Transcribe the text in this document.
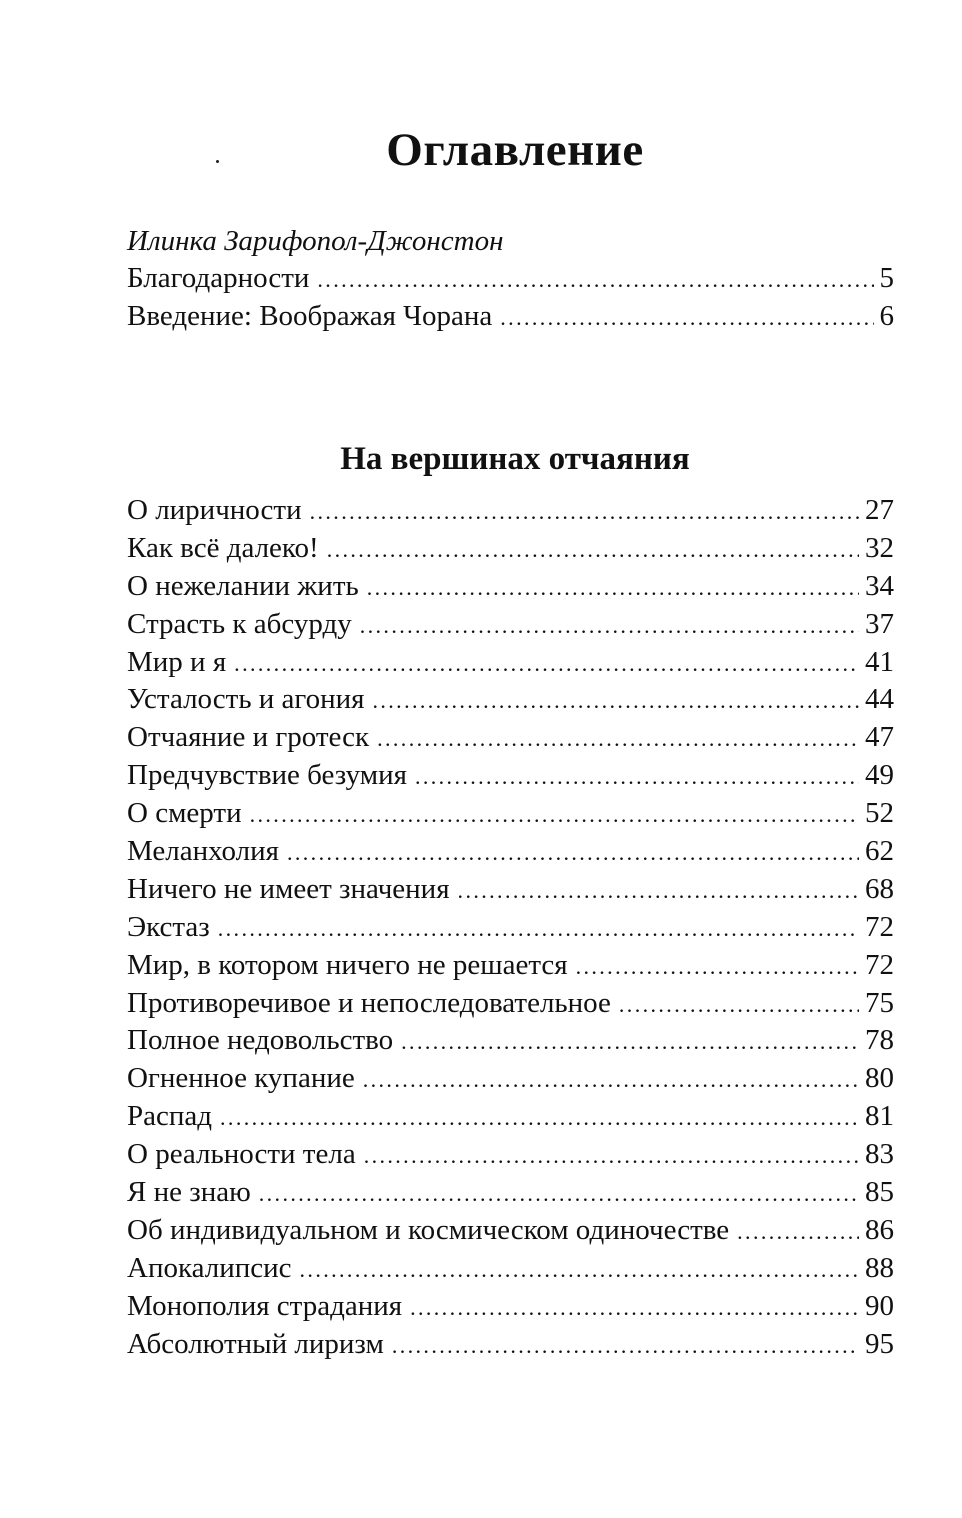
Оглавление
Илинка Зарифопол-Джонстон
Благодарности .....	5
Введение: Воображая Чорана .....	6
На вершинах отчаяния
О лиричности .....	27
Как всё далеко! .....	32
О нежелании жить .....	34
Страсть к абсурду .....	37
Мир и я .....	41
Усталость и агония .....	44
Отчаяние и гротеск .....	47
Предчувствие безумия .....	49
О смерти .....	52
Меланхолия .....	62
Ничего не имеет значения .....	68
Экстаз .....	72
Мир, в котором ничего не решается .....	72
Противоречивое и непоследовательное .....	75
Полное недовольство .....	78
Огненное купание .....	80
Распад .....	81
О реальности тела .....	83
Я не знаю .....	85
Об индивидуальном и космическом одиночестве .....	86
Апокалипсис .....	88
Монополия страдания .....	90
Абсолютный лиризм .....	95
